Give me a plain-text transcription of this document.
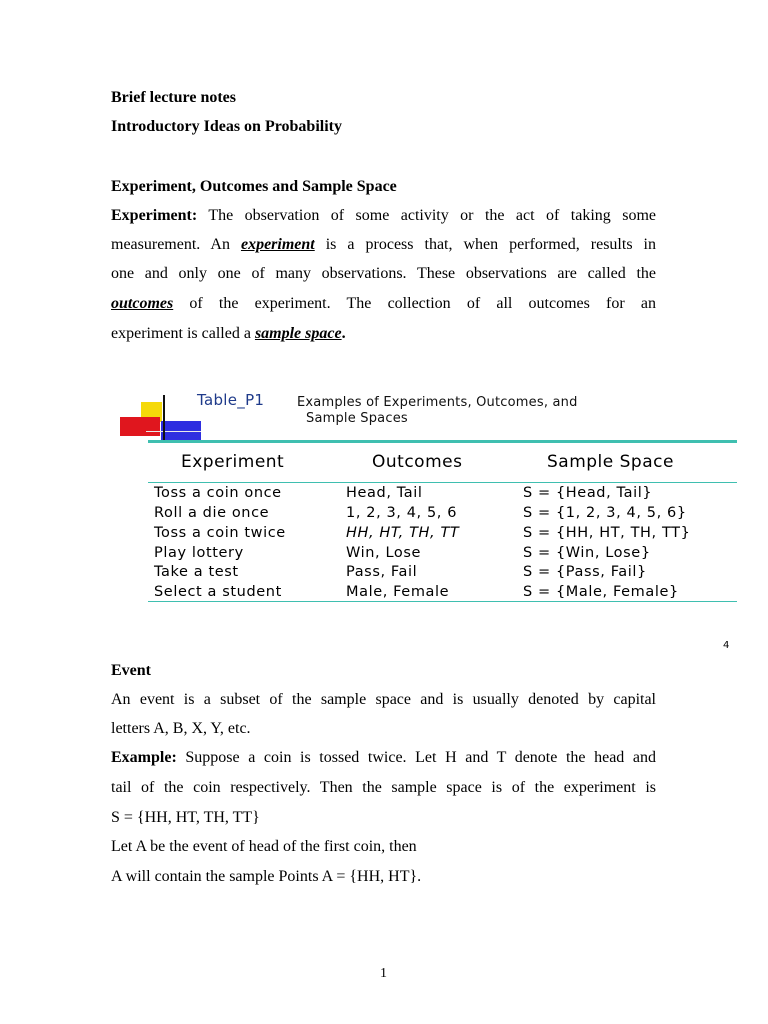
Brief lecture notes
Introductory Ideas on Probability
Experiment, Outcomes and Sample Space
Experiment: The observation of some activity or the act of taking some
measurement. An experiment is a process that, when performed, results in
one and only one of many observations. These observations are called the
outcomes of the experiment. The collection of all outcomes for an
experiment is called a sample space.
Table_P1	Examples of Experiments, Outcomes, and
Sample Spaces
Experiment	Outcomes	Sample Space
Toss a coin once	Head, Tail	S = {Head, Tail}
Roll a die once	1, 2, 3, 4, 5, 6	S = {1, 2, 3, 4, 5, 6}
Toss a coin twice	HH, HT, TH, TT	S = {HH, HT, TH, TT}
Play lottery	Win, Lose	S = {Win, Lose}
Take a test	Pass, Fail	S = {Pass, Fail}
Select a student	Male, Female	S = {Male, Female}
4
Event
An event is a subset of the sample space and is usually denoted by capital
letters A, B, X, Y, etc.
Example: Suppose a coin is tossed twice. Let H and T denote the head and
tail of the coin respectively. Then the sample space is of the experiment is
S = {HH, HT, TH, TT}
Let A be the event of head of the first coin, then
A will contain the sample Points A = {HH, HT}.
1
